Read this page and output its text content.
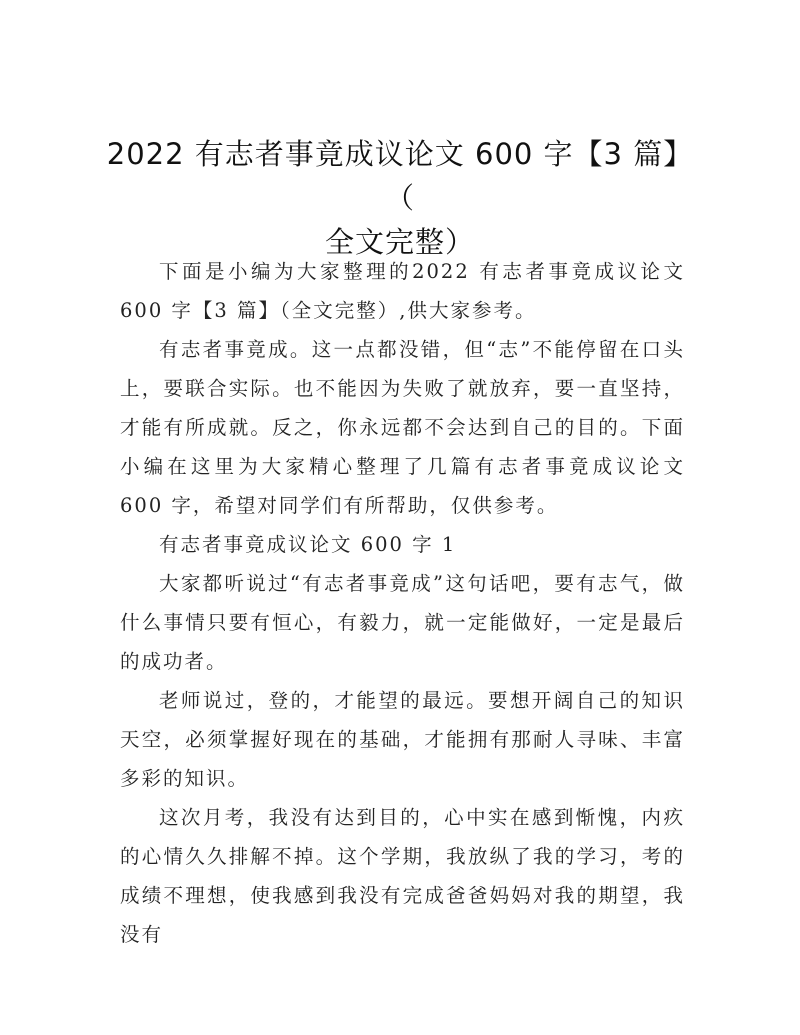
2022 有志者事竟成议论文 600 字【3 篇】（
全文完整）

下面是小编为大家整理的2022 有志者事竟成议论文 600 字【3 篇】（全文完整）,供大家参考。

有志者事竟成。这一点都没错，但“志”不能停留在口头上，要联合实际。也不能因为失败了就放弃，要一直坚持，才能有所成就。反之，你永远都不会达到自己的目的。下面小编在这里为大家精心整理了几篇有志者事竟成议论文 600 字，希望对同学们有所帮助，仅供参考。

有志者事竟成议论文 600 字 1

大家都听说过“有志者事竟成”这句话吧，要有志气，做什么事情只要有恒心，有毅力，就一定能做好，一定是最后的成功者。

老师说过，登的，才能望的最远。要想开阔自己的知识天空，必须掌握好现在的基础，才能拥有那耐人寻味、丰富多彩的知识。

这次月考，我没有达到目的，心中实在感到惭愧，内疚的心情久久排解不掉。这个学期，我放纵了我的学习，考的成绩不理想，使我感到我没有完成爸爸妈妈对我的期望，我没有
